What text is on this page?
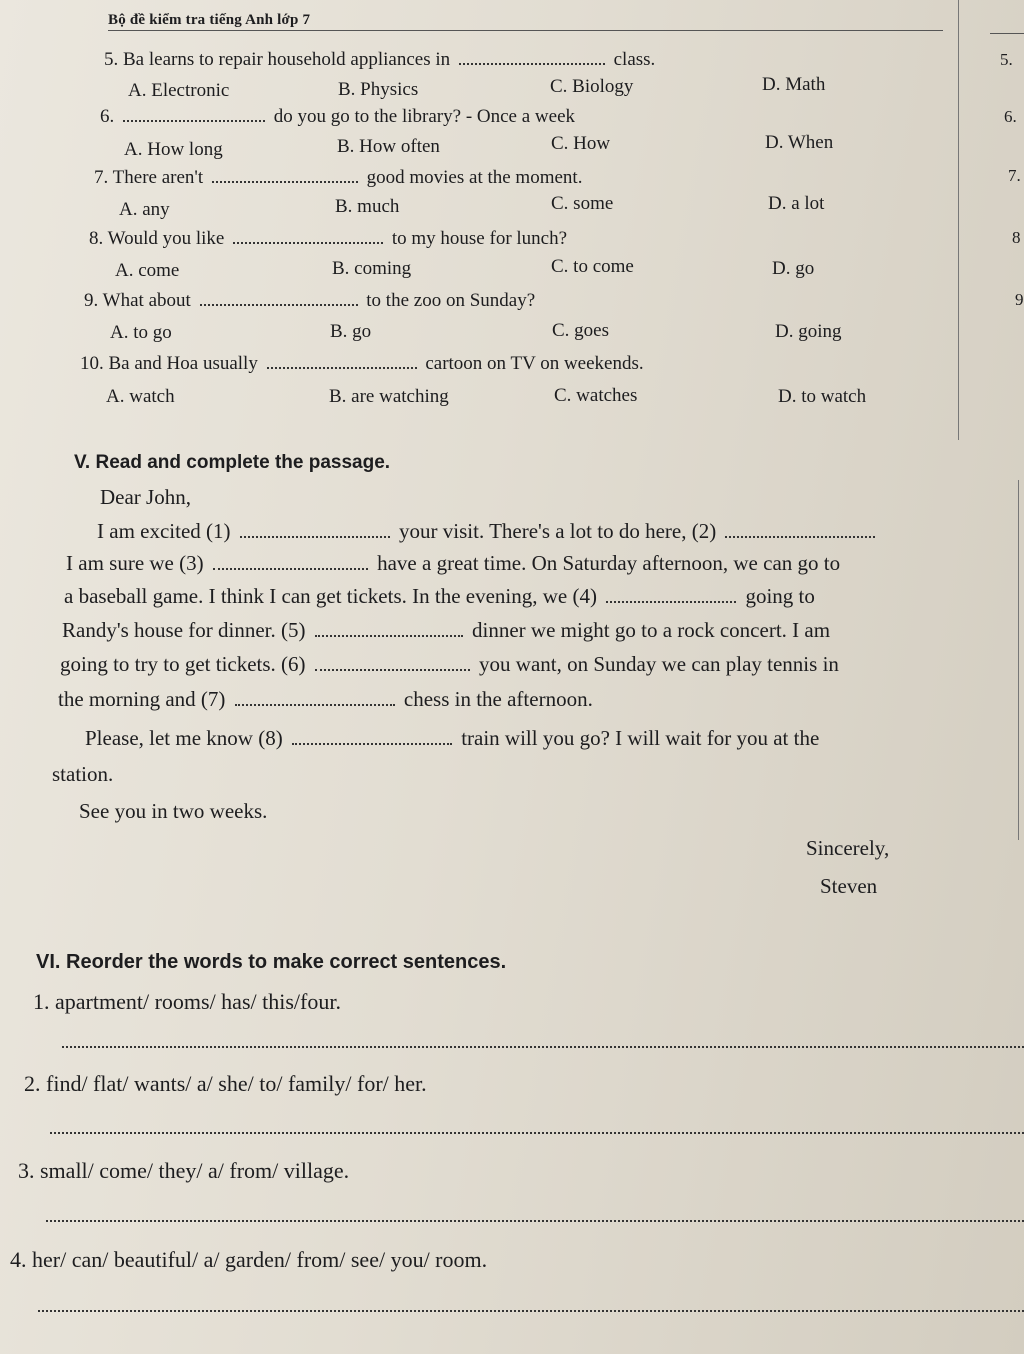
Bộ đề kiểm tra tiếng Anh lớp 7
5.
6.
7.
8
9
5. Ba learns to repair household appliances in	class.
A. Electronic	B. Physics	C. Biology	D. Math
6.	do you go to the library? - Once a week
A. How long	B. How often	C. How	D. When
7. There aren't	good movies at the moment.
A. any	B. much	C. some	D. a lot
8. Would you like	to my house for lunch?
A. come	B. coming	C. to come	D. go
9. What about	to the zoo on Sunday?
A. to go	B. go	C. goes	D. going
10. Ba and Hoa usually	cartoon on TV on weekends.
A. watch	B. are watching	C. watches	D. to watch
V. Read and complete the passage.
Dear John,
I am excited (1)	your visit. There's a lot to do here, (2)
I am sure we (3)	have a great time. On Saturday afternoon, we can go to
a baseball game. I think I can get tickets. In the evening, we (4)	going to
Randy's house for dinner. (5)	dinner we might go to a rock concert. I am
going to try to get tickets. (6)	you want, on Sunday we can play tennis in
the morning and (7)	chess in the afternoon.
Please, let me know (8)	train will you go? I will wait for you at the
station.
See you in two weeks.
Sincerely,
Steven
VI. Reorder the words to make correct sentences.
1. apartment/ rooms/ has/ this/four.
2. find/ flat/ wants/ a/ she/ to/ family/ for/ her.
3. small/ come/ they/ a/ from/ village.
4. her/ can/ beautiful/ a/ garden/ from/ see/ you/ room.
